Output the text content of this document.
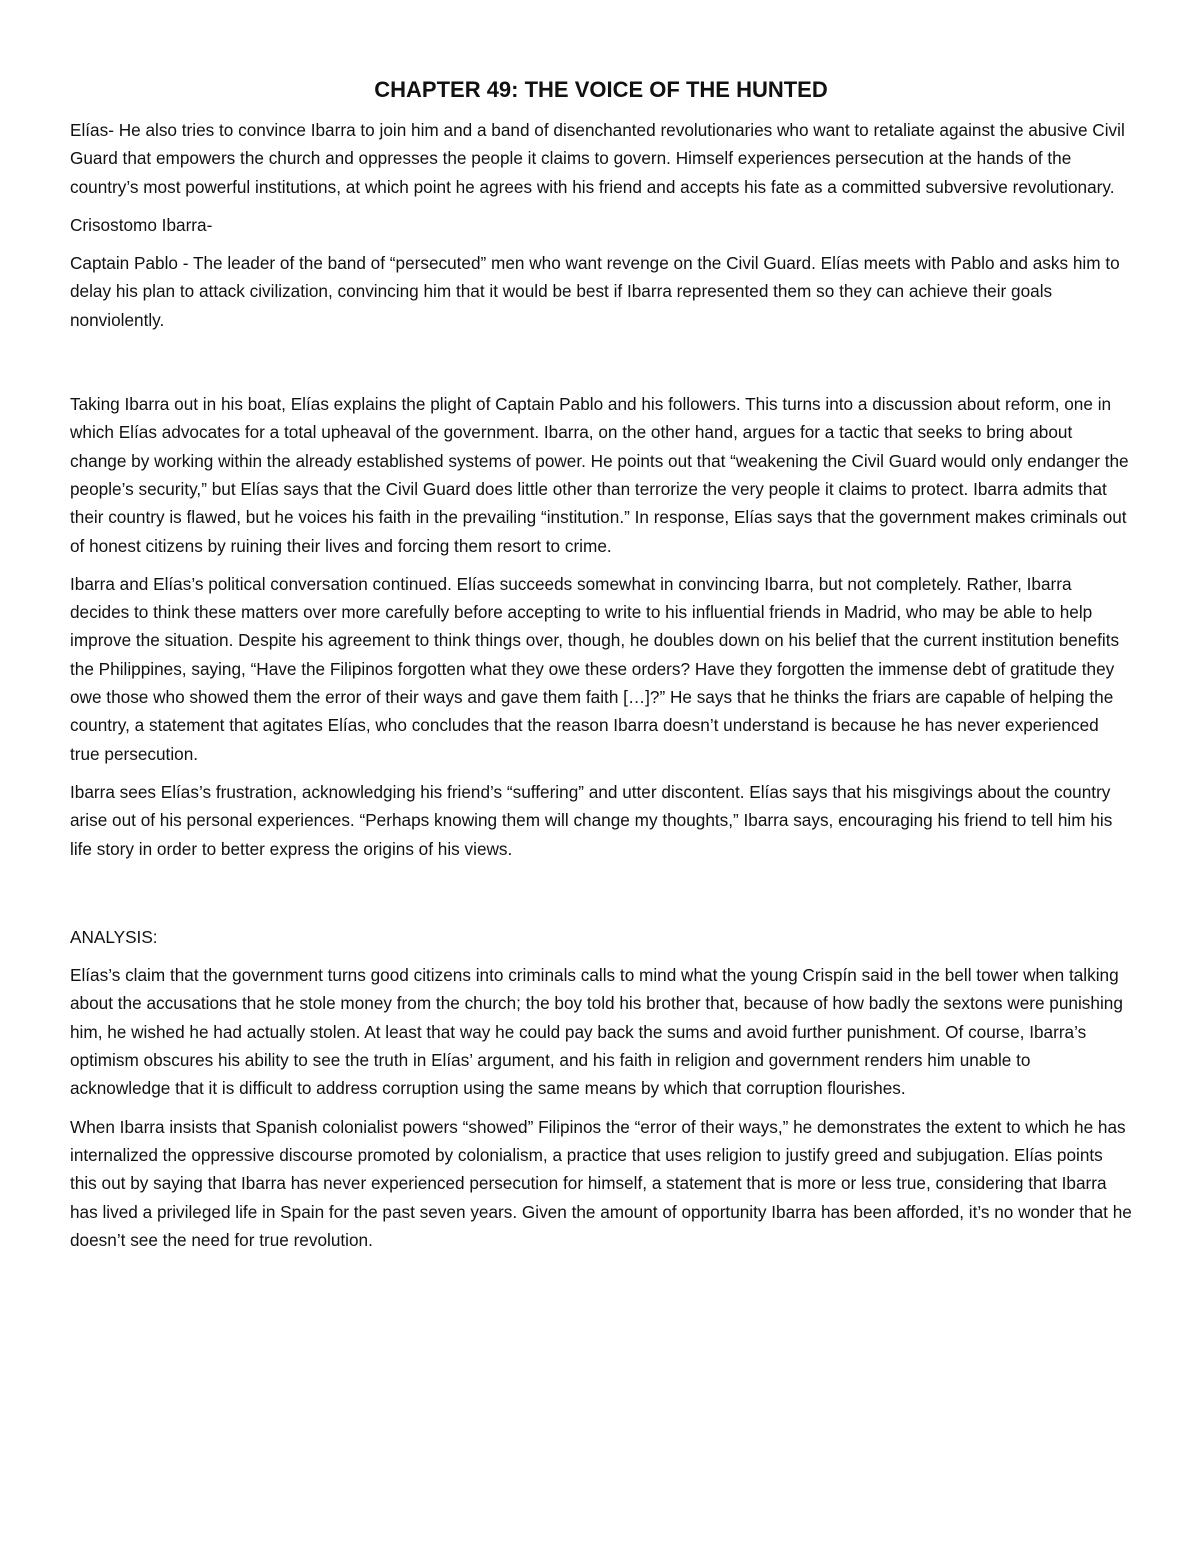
CHAPTER 49: THE VOICE OF THE HUNTED

Elías- He also tries to convince Ibarra to join him and a band of disenchanted revolutionaries who want to retaliate against the abusive Civil Guard that empowers the church and oppresses the people it claims to govern. Himself experiences persecution at the hands of the country’s most powerful institutions, at which point he agrees with his friend and accepts his fate as a committed subversive revolutionary.

Crisostomo Ibarra-

Captain Pablo - The leader of the band of “persecuted” men who want revenge on the Civil Guard. Elías meets with Pablo and asks him to delay his plan to attack civilization, convincing him that it would be best if Ibarra represented them so they can achieve their goals nonviolently.

Taking Ibarra out in his boat, Elías explains the plight of Captain Pablo and his followers. This turns into a discussion about reform, one in which Elías advocates for a total upheaval of the government. Ibarra, on the other hand, argues for a tactic that seeks to bring about change by working within the already established systems of power. He points out that “weakening the Civil Guard would only endanger the people’s security,” but Elías says that the Civil Guard does little other than terrorize the very people it claims to protect. Ibarra admits that their country is flawed, but he voices his faith in the prevailing “institution.” In response, Elías says that the government makes criminals out of honest citizens by ruining their lives and forcing them resort to crime.

Ibarra and Elías’s political conversation continued. Elías succeeds somewhat in convincing Ibarra, but not completely. Rather, Ibarra decides to think these matters over more carefully before accepting to write to his influential friends in Madrid, who may be able to help improve the situation. Despite his agreement to think things over, though, he doubles down on his belief that the current institution benefits the Philippines, saying, “Have the Filipinos forgotten what they owe these orders? Have they forgotten the immense debt of gratitude they owe those who showed them the error of their ways and gave them faith […]?” He says that he thinks the friars are capable of helping the country, a statement that agitates Elías, who concludes that the reason Ibarra doesn’t understand is because he has never experienced true persecution.

Ibarra sees Elías’s frustration, acknowledging his friend’s “suffering” and utter discontent. Elías says that his misgivings about the country arise out of his personal experiences. “Perhaps knowing them will change my thoughts,” Ibarra says, encouraging his friend to tell him his life story in order to better express the origins of his views.

ANALYSIS:

Elías’s claim that the government turns good citizens into criminals calls to mind what the young Crispín said in the bell tower when talking about the accusations that he stole money from the church; the boy told his brother that, because of how badly the sextons were punishing him, he wished he had actually stolen. At least that way he could pay back the sums and avoid further punishment. Of course, Ibarra’s optimism obscures his ability to see the truth in Elías’ argument, and his faith in religion and government renders him unable to acknowledge that it is difficult to address corruption using the same means by which that corruption flourishes.

When Ibarra insists that Spanish colonialist powers “showed” Filipinos the “error of their ways,” he demonstrates the extent to which he has internalized the oppressive discourse promoted by colonialism, a practice that uses religion to justify greed and subjugation. Elías points this out by saying that Ibarra has never experienced persecution for himself, a statement that is more or less true, considering that Ibarra has lived a privileged life in Spain for the past seven years. Given the amount of opportunity Ibarra has been afforded, it’s no wonder that he doesn’t see the need for true revolution.
